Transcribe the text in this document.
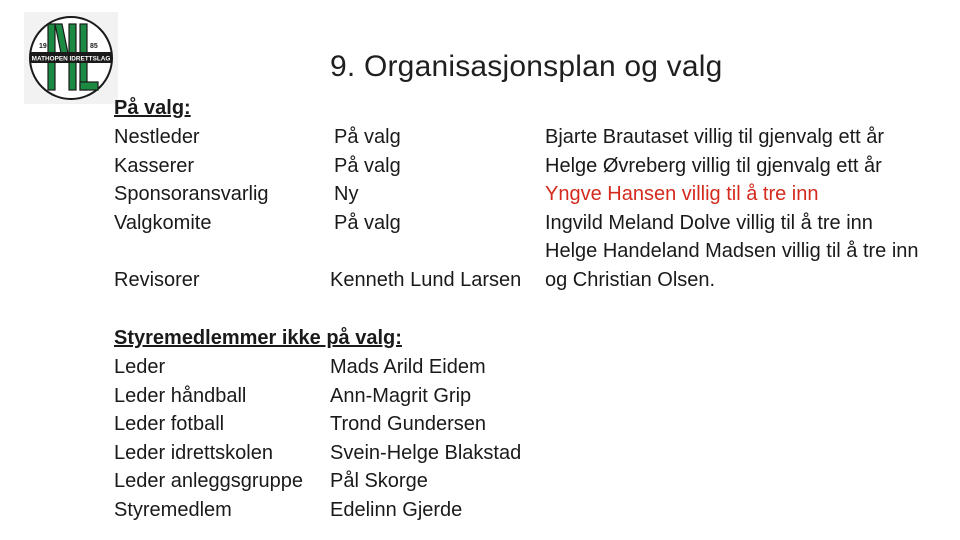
MATHOPEN IDRETTSLAG
19	85
9. Organisasjonsplan og valg
På valg:
Nestleder
Kasserer
Sponsoransvarlig
Valgkomite
På valg
På valg
Ny
På valg
Bjarte Brautaset villig til gjenvalg ett år
Helge Øvreberg villig til gjenvalg ett år
Yngve Hansen villig til å tre inn
Ingvild Meland Dolve villig til å tre inn
Helge Handeland Madsen villig til å tre inn
og Christian Olsen.
Revisorer	Kenneth Lund Larsen
Styremedlemmer ikke på valg:
Leder
Leder håndball
Leder fotball
Leder idrettskolen
Leder anleggsgruppe
Styremedlem
Mads Arild Eidem
Ann-Magrit Grip
Trond Gundersen
Svein-Helge Blakstad
Pål Skorge
Edelinn Gjerde
